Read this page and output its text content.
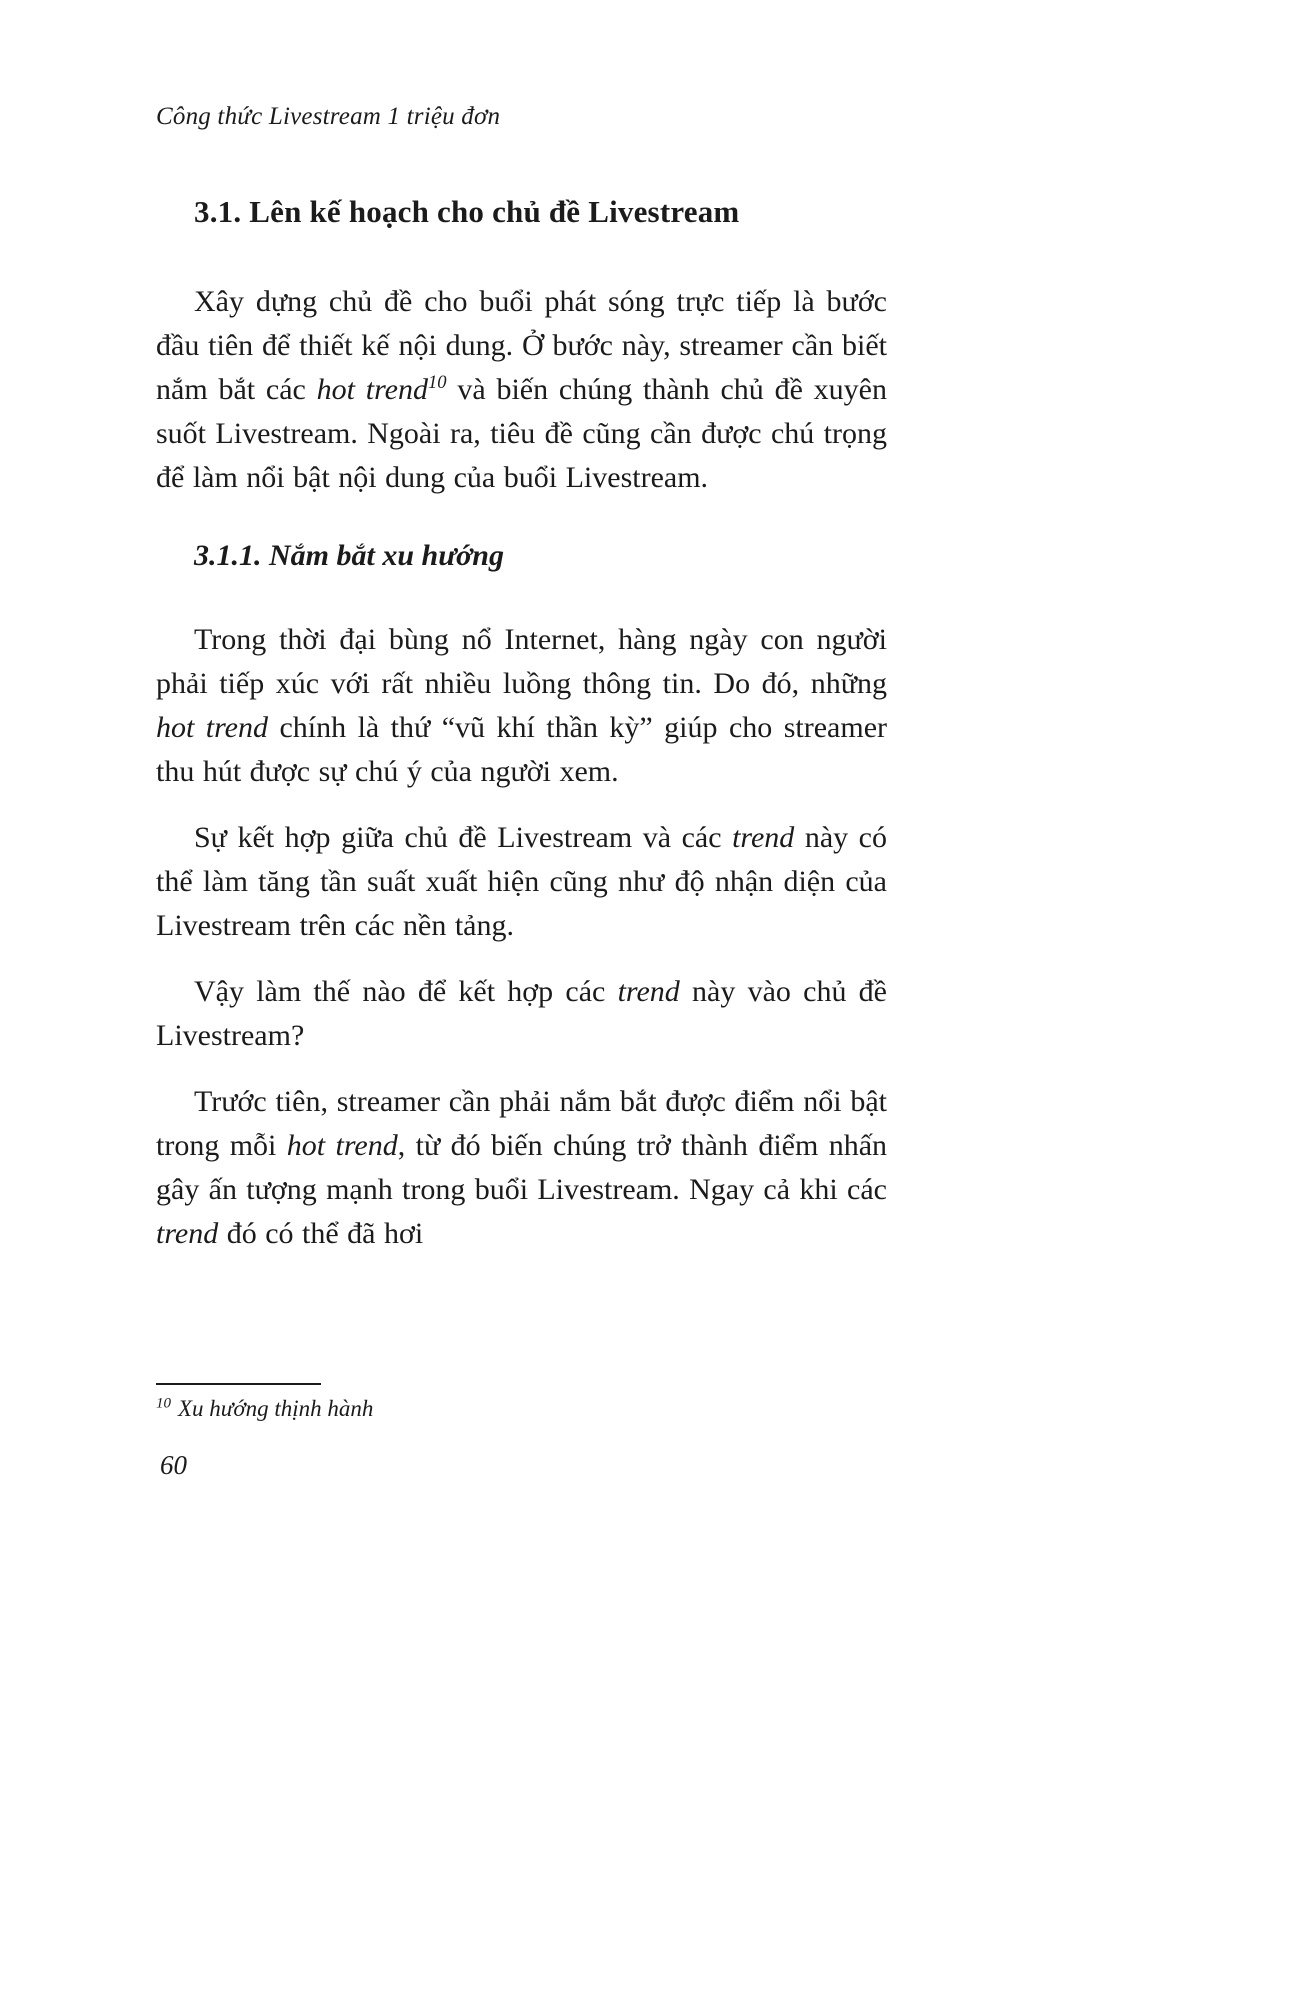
Công thức Livestream 1 triệu đơn
3.1. Lên kế hoạch cho chủ đề Livestream

Xây dựng chủ đề cho buổi phát sóng trực tiếp là bước đầu tiên để thiết kế nội dung. Ở bước này, streamer cần biết nắm bắt các hot trend$^{10}$ và biến chúng thành chủ đề xuyên suốt Livestream. Ngoài ra, tiêu đề cũng cần được chú trọng để làm nổi bật nội dung của buổi Livestream.

3.1.1. Nắm bắt xu hướng

Trong thời đại bùng nổ Internet, hàng ngày con người phải tiếp xúc với rất nhiều luồng thông tin. Do đó, những hot trend chính là thứ “vũ khí thần kỳ” giúp cho streamer thu hút được sự chú ý của người xem.

Sự kết hợp giữa chủ đề Livestream và các trend này có thể làm tăng tần suất xuất hiện cũng như độ nhận diện của Livestream trên các nền tảng.

Vậy làm thế nào để kết hợp các trend này vào chủ đề Livestream?

Trước tiên, streamer cần phải nắm bắt được điểm nổi bật trong mỗi hot trend, từ đó biến chúng trở thành điểm nhấn gây ấn tượng mạnh trong buổi Livestream. Ngay cả khi các trend đó có thể đã hơi

$^{10}$ Xu hướng thịnh hành
60
